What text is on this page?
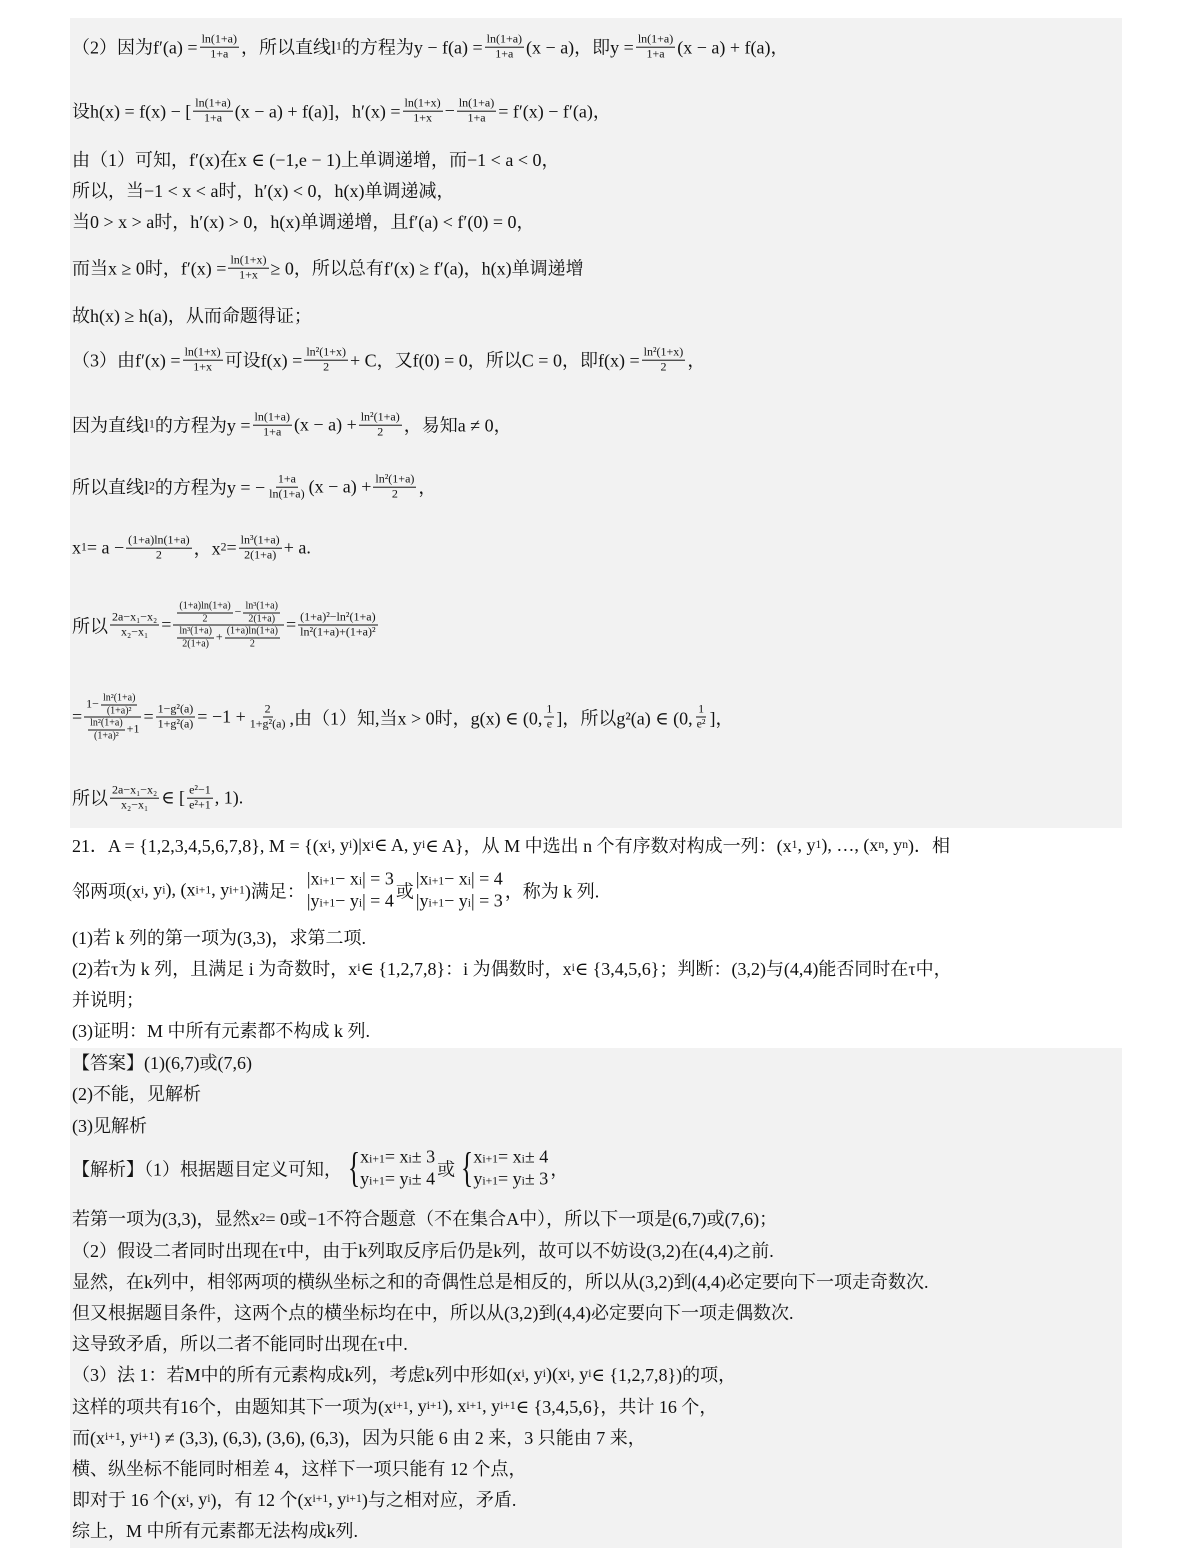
（2）因为$f'(a) = \frac{\ln(1+a)}{1+a}$ ，所以直线l 1 的方程为$y - f(a) = \frac{\ln(1+a)}{1+a} (x - a)$，即$y = \frac{\ln(1+a)}{1+a} (x - a) + f(a)$，
设h(x) = f(x) − [ $\frac{\ln(1+a)}{1+a} (x - a) + f(a)$]，$h'(x) = \frac{\ln(1+x)}{1+x} - \frac{\ln(1+a)}{1+a} = f'(x) - f'(a)$，
由（1）可知，f′(x)在x ∈ (−1,e − 1)上单调递增，而−1 < a < 0，
所以，当−1 < x < a时，h′(x) < 0，h(x)单调递减，
当0 > x > a时，h′(x) > 0，h(x)单调递增，且f′(a) < f′(0) = 0，
而当x ≥ 0时，$f'(x) = \frac{\ln(1+x)}{1+x} \ge 0$，所以总有f′(x) ≥ f′(a)，h(x)单调递增
故h(x) ≥ h(a)，从而命题得证；
（3）由$f'(x) = \frac{\ln(1+x)}{1+x}$ 可设$f(x) = \frac{\text{ln²(1+x)}}{2} + C$，又f(0) = 0，所以C = 0，即$f(x) = \frac{\text{ln²(1+x)}}{2}$ ，
因为直线l 1 的方程为$y = \frac{\ln(1+a)}{1+a} (x - a) + \frac{\text{ln²(1+a)}}{2}$ ，易知a ≠ 0，
所以直线l 2 的方程为y = − $\frac{1+a}{\ln(1+a)} (x - a) + \frac{\text{ln²(1+a)}}{2}$ ，
x $1 = a - \frac{(1+a)\ln(1+a)}{2}$ ，x $2 = \frac{\text{ln³(1+a)}}{2(1+a)} + a$.
所以 $\frac{\text{2a−x₁−x₂}}{\text{x₂−x₁}} = \frac{\frac{(1+a)\ln(1+a)}{2} - \frac{\text{ln³(1+a)}}{2(1+a)}}{\frac{\text{ln³(1+a)}}{2(1+a)} + \frac{(1+a)\ln(1+a)}{2}} = \frac{\text{(1+a)²−ln²(1+a)}}{\text{ln²(1+a)+(1+a)²}}$
= $\frac{1- \frac{\text{ln²(1+a)}}{\text{(1+a)²}}}{\frac{\text{ln²(1+a)}}{\text{(1+a)²}} +1} = \frac{\text{1−g²(a)}}{\text{1+g²(a)}} = -1 + \frac{2}{\text{1+g²(a)}}$ ,由（1）知,当x > 0时，g(x) ∈ (0, $\frac{1}{e}$ ]，所以g²(a) ∈ (0, $\frac{1}{\text{e²}}$ ]，
所以 $\frac{\text{2a−x₁−x₂}}{\text{x₂−x₁}}$ ∈ [ $\frac{\text{e²−1}}{\text{e²+1}}$ , 1).
21．A = {1,2,3,4,5,6,7,8}, M = {(x i , y i )|x i ∈ A, y i ∈ A}，从 M 中选出 n 个有序数对构成一列：(x 1 , y 1 ), …, (x n , y n )．相
邻两项(x i , y i ), (x i+1 , y i+1 )满足：
|x i+1 − x i | = 3
|y i+1 − y i | = 4 或
|x i+1 − x i | = 4
|y i+1 − y i | = 3 ，称为 k 列.
(1)若 k 列的第一项为(3,3)，求第二项.
(2)若τ为 k 列，且满足 i 为奇数时，x i ∈ {1,2,7,8}：i 为偶数时，x i ∈ {3,4,5,6}；判断：(3,2)与(4,4)能否同时在τ中，
并说明；
(3)证明：M 中所有元素都不构成 k 列.
【答案】(1)(6,7)或(7,6)
(2)不能，见解析
(3)见解析
【解析】（1）根据题目定义可知， { x i+1 = x i ± 3
y i+1 = y i ± 4 或 { x i+1 = x i ± 4
y i+1 = y i ± 3 ，
若第一项为(3,3)，显然x 2 = 0或−1不符合题意（不在集合A中），所以下一项是(6,7)或(7,6)；
（2）假设二者同时出现在τ中，由于k列取反序后仍是k列，故可以不妨设(3,2)在(4,4)之前.
显然，在k列中，相邻两项的横纵坐标之和的奇偶性总是相反的，所以从(3,2)到(4,4)必定要向下一项走奇数次.
但又根据题目条件，这两个点的横坐标均在中，所以从(3,2)到(4,4)必定要向下一项走偶数次.
这导致矛盾，所以二者不能同时出现在τ中.
（3）法 1：若M中的所有元素构成k列，考虑k列中形如(x i , y i )(x i , y i ∈ {1,2,7,8})的项，
这样的项共有16个，由题知其下一项为(x i+1 , y i+1 ), x i+1 , y i+1 ∈ {3,4,5,6}，共计 16 个，
而(x i+1 , y i+1 ) ≠ (3,3), (6,3), (3,6), (6,3)，因为只能 6 由 2 来，3 只能由 7 来，
横、纵坐标不能同时相差 4，这样下一项只能有 12 个点，
即对于 16 个(x i , y i )，有 12 个(x i+1 , y i+1 )与之相对应，矛盾.
综上，M 中所有元素都无法构成k列.
